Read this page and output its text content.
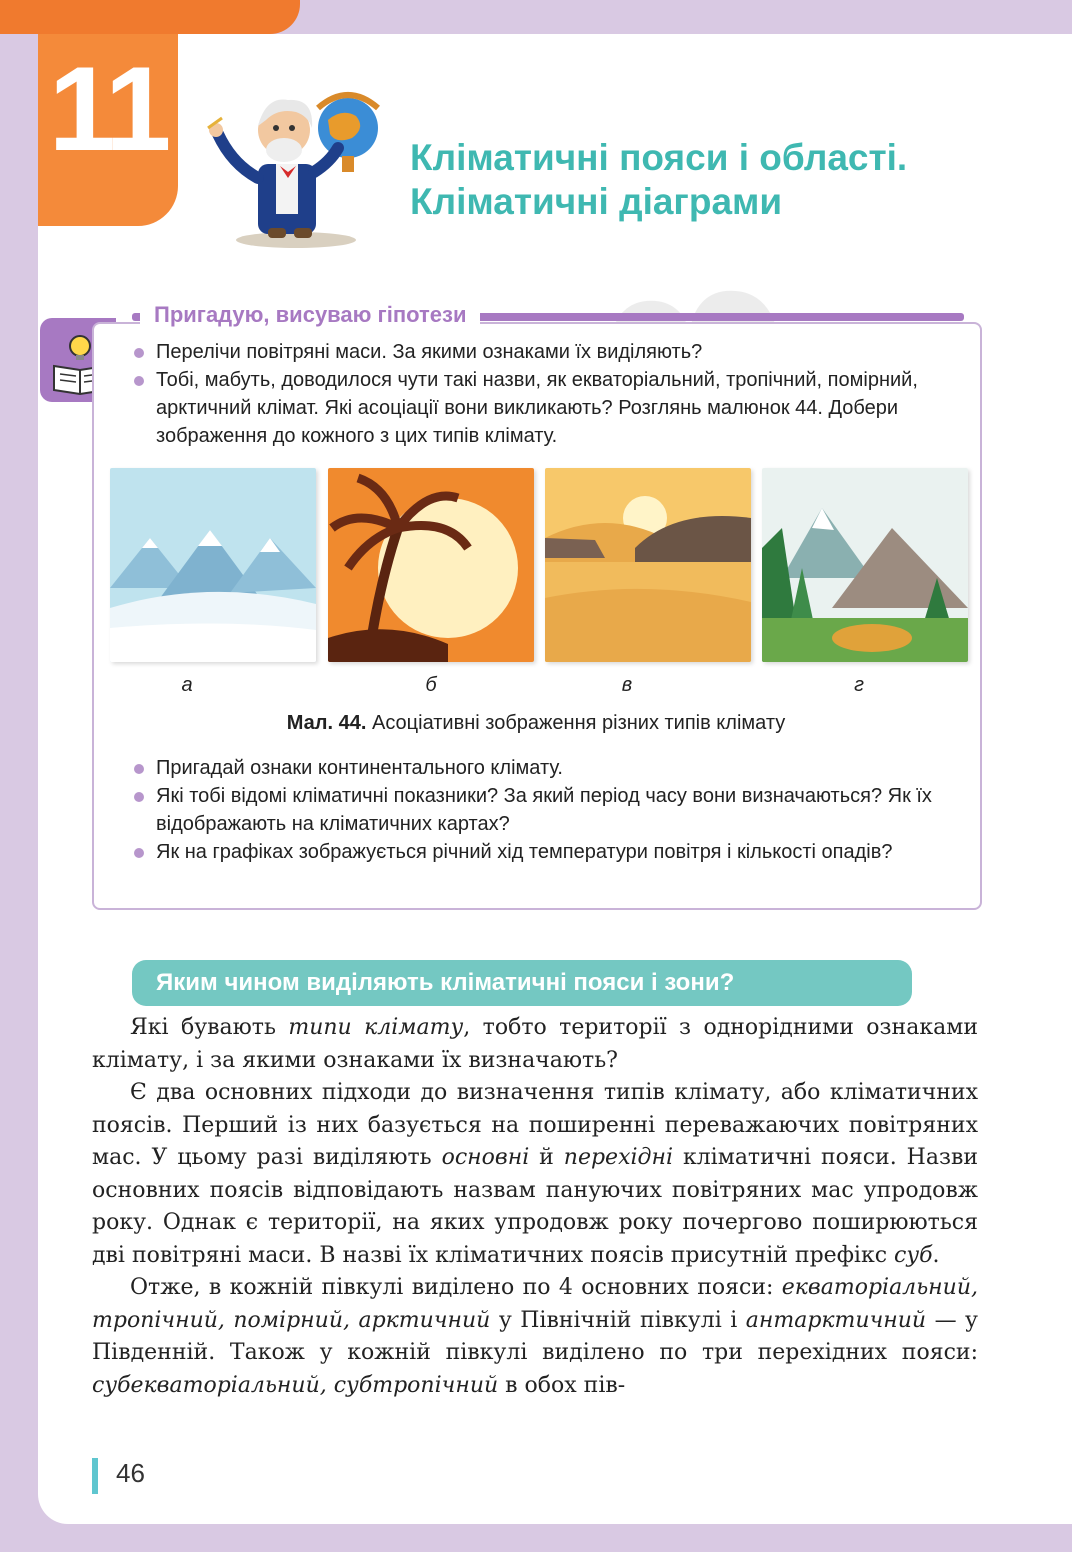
11	Кліматичні пояси і області.
Кліматичні діаграми
Пригадую, висуваю гіпотези
Перелічи повітряні маси. За якими ознаками їх виділяють?
Тобі, мабуть, доводилося чути такі назви, як екваторіальний, тропічний, помірний, арктичний клімат. Які асоціації вони викликають? Розглянь малюнок 44. Добери зображення до кожного з цих типів клімату.
а	б	в	г
Мал. 44. Асоціативні зображення різних типів клімату
Пригадай ознаки континентального клімату.
Які тобі відомі кліматичні показники? За який період часу вони визначаються? Як їх відображають на кліматичних картах?
Як на графіках зображується річний хід температури повітря і кількості опадів?
Яким чином виділяють кліматичні пояси і зони?

Які бувають типи клімату, тобто території з однорідними ознаками клімату, і за якими ознаками їх визначають?

Є два основних підходи до визначення типів клімату, або кліматичних поясів. Перший із них базується на поширенні переважаючих повітряних мас. У цьому разі виділяють основні й перехідні кліматичні пояси. Назви основних поясів відповідають назвам пануючих повітряних мас упродовж року. Однак є території, на яких упродовж року почергово поширюються дві повітряні маси. В назві їх кліматичних поясів присутній префікс суб.

Отже, в кожній півкулі виділено по 4 основних пояси: екваторіальний, тропічний, помірний, арктичний у Північній півкулі і антарктичний — у Південній. Також у кожній півкулі виділено по три перехідних пояси: субекваторіальний, субтропічний в обох пів-

46
